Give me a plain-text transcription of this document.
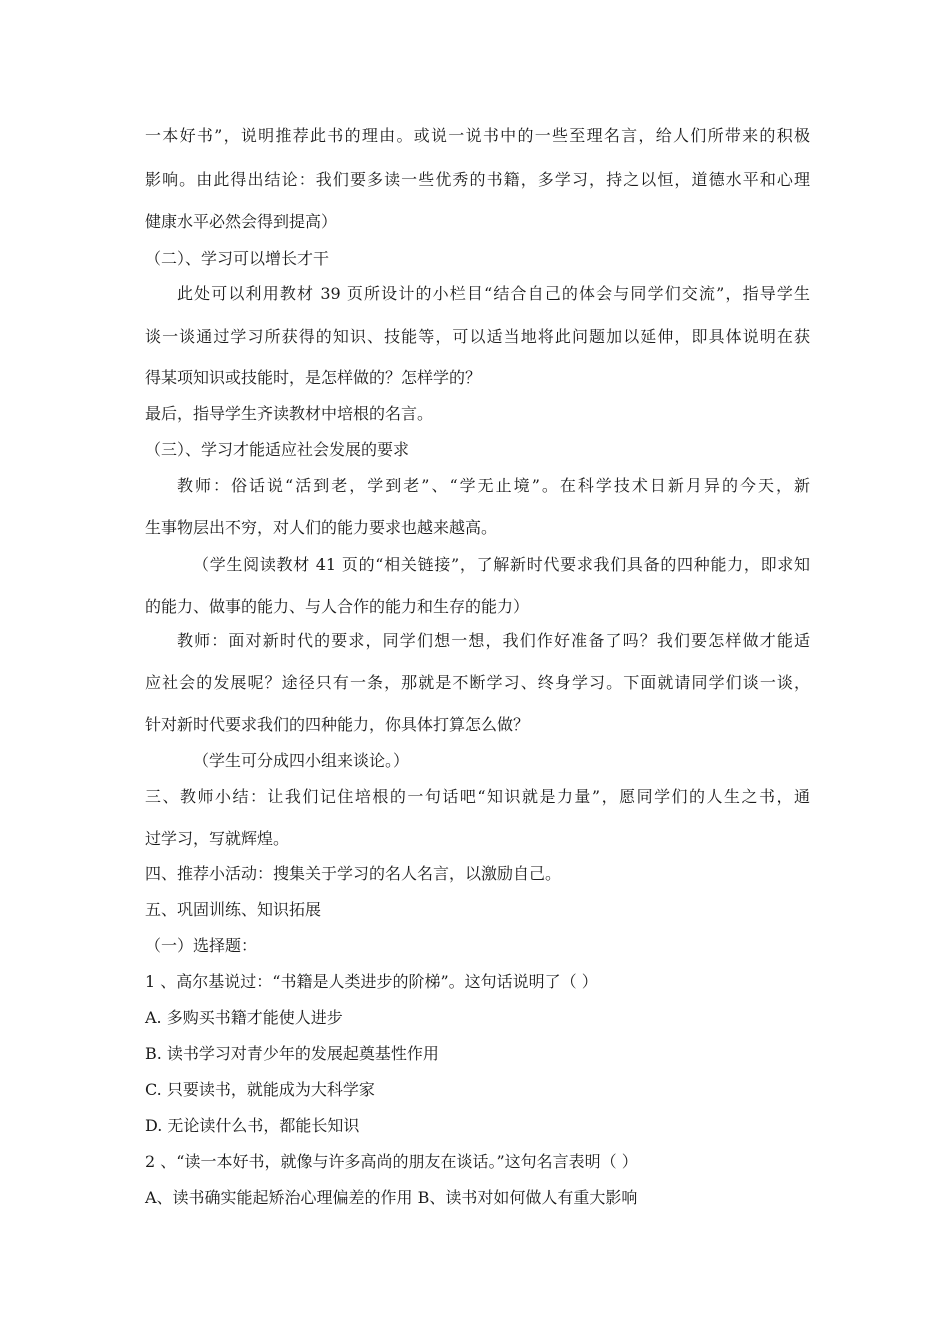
一本好书”，说明推荐此书的理由。或说一说书中的一些至理名言，给人们所带来的积极
影响。由此得出结论：我们要多读一些优秀的书籍，多学习，持之以恒，道德水平和心理
健康水平必然会得到提高）
（二）、学习可以增长才干
此处可以利用教材 39 页所设计的小栏目“结合自己的体会与同学们交流”，指导学生
谈一谈通过学习所获得的知识、技能等，可以适当地将此问题加以延伸，即具体说明在获
得某项知识或技能时，是怎样做的？怎样学的？
最后，指导学生齐读教材中培根的名言。
（三）、学习才能适应社会发展的要求
教师：俗话说“活到老，学到老”、“学无止境”。在科学技术日新月异的今天，新
生事物层出不穷，对人们的能力要求也越来越高。
（学生阅读教材 41 页的“相关链接”，了解新时代要求我们具备的四种能力，即求知
的能力、做事的能力、与人合作的能力和生存的能力）
教师：面对新时代的要求，同学们想一想，我们作好准备了吗？我们要怎样做才能适
应社会的发展呢？途径只有一条，那就是不断学习、终身学习。下面就请同学们谈一谈，
针对新时代要求我们的四种能力，你具体打算怎么做？
（学生可分成四小组来谈论。）
三、教师小结：让我们记住培根的一句话吧“知识就是力量”，愿同学们的人生之书，通
过学习，写就辉煌。
四、推荐小活动：搜集关于学习的名人名言，以激励自己。
五、巩固训练、知识拓展
（一）选择题：
1 、高尔基说过：“书籍是人类进步的阶梯”。这句话说明了（ ）
A. 多购买书籍才能使人进步
B. 读书学习对青少年的发展起奠基性作用
C. 只要读书，就能成为大科学家
D. 无论读什么书，都能长知识
2 、“读一本好书，就像与许多高尚的朋友在谈话。”这句名言表明（ ）
A、读书确实能起矫治心理偏差的作用 B、读书对如何做人有重大影响
